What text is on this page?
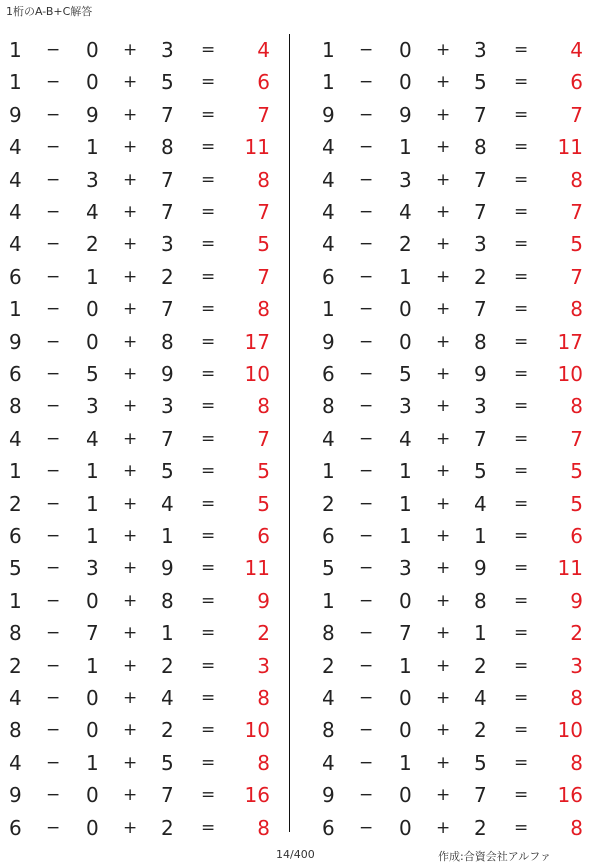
1桁のA-B+C解答
1 − 0 + 3 =	4	1 − 0 + 3 =	4
1 − 0 + 5 =	6	1 − 0 + 5 =	6
9 − 9 + 7 =	7	9 − 9 + 7 =	7
4 − 1 + 8 =	11	4 − 1 + 8 =	11
4 − 3 + 7 =	8	4 − 3 + 7 =	8
4 − 4 + 7 =	7	4 − 4 + 7 =	7
4 − 2 + 3 =	5	4 − 2 + 3 =	5
6 − 1 + 2 =	7	6 − 1 + 2 =	7
1 − 0 + 7 =	8	1 − 0 + 7 =	8
9 − 0 + 8 =	17	9 − 0 + 8 =	17
6 − 5 + 9 =	10	6 − 5 + 9 =	10
8 − 3 + 3 =	8	8 − 3 + 3 =	8
4 − 4 + 7 =	7	4 − 4 + 7 =	7
1 − 1 + 5 =	5	1 − 1 + 5 =	5
2 − 1 + 4 =	5	2 − 1 + 4 =	5
6 − 1 + 1 =	6	6 − 1 + 1 =	6
5 − 3 + 9 =	11	5 − 3 + 9 =	11
1 − 0 + 8 =	9	1 − 0 + 8 =	9
8 − 7 + 1 =	2	8 − 7 + 1 =	2
2 − 1 + 2 =	3	2 − 1 + 2 =	3
4 − 0 + 4 =	8	4 − 0 + 4 =	8
8 − 0 + 2 =	10	8 − 0 + 2 =	10
4 − 1 + 5 =	8	4 − 1 + 5 =	8
9 − 0 + 7 =	16	9 − 0 + 7 =	16
6 − 0 + 2 =	8	6 − 0 + 2 =	8
14/400	作成:合資会社アルファ
